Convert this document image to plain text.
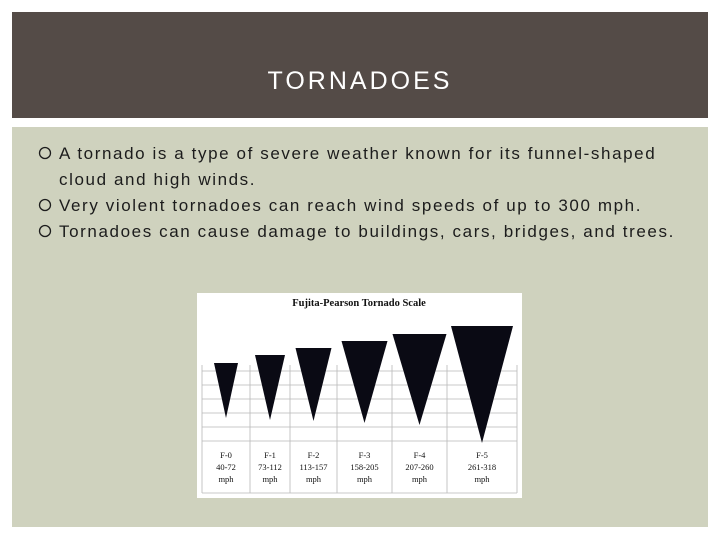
TORNADOES
A tornado is a type of severe weather known for its funnel-shaped cloud and high winds.
Very violent tornadoes can reach wind speeds of up to 300 mph.
Tornadoes can cause damage to buildings, cars, bridges, and trees.
Fujita-Pearson Tornado Scale
F-0
40-72
mph
F-1
73-112
mph
F-2
113-157
mph
F-3
158-205
mph
F-4
207-260
mph
F-5
261-318
mph
